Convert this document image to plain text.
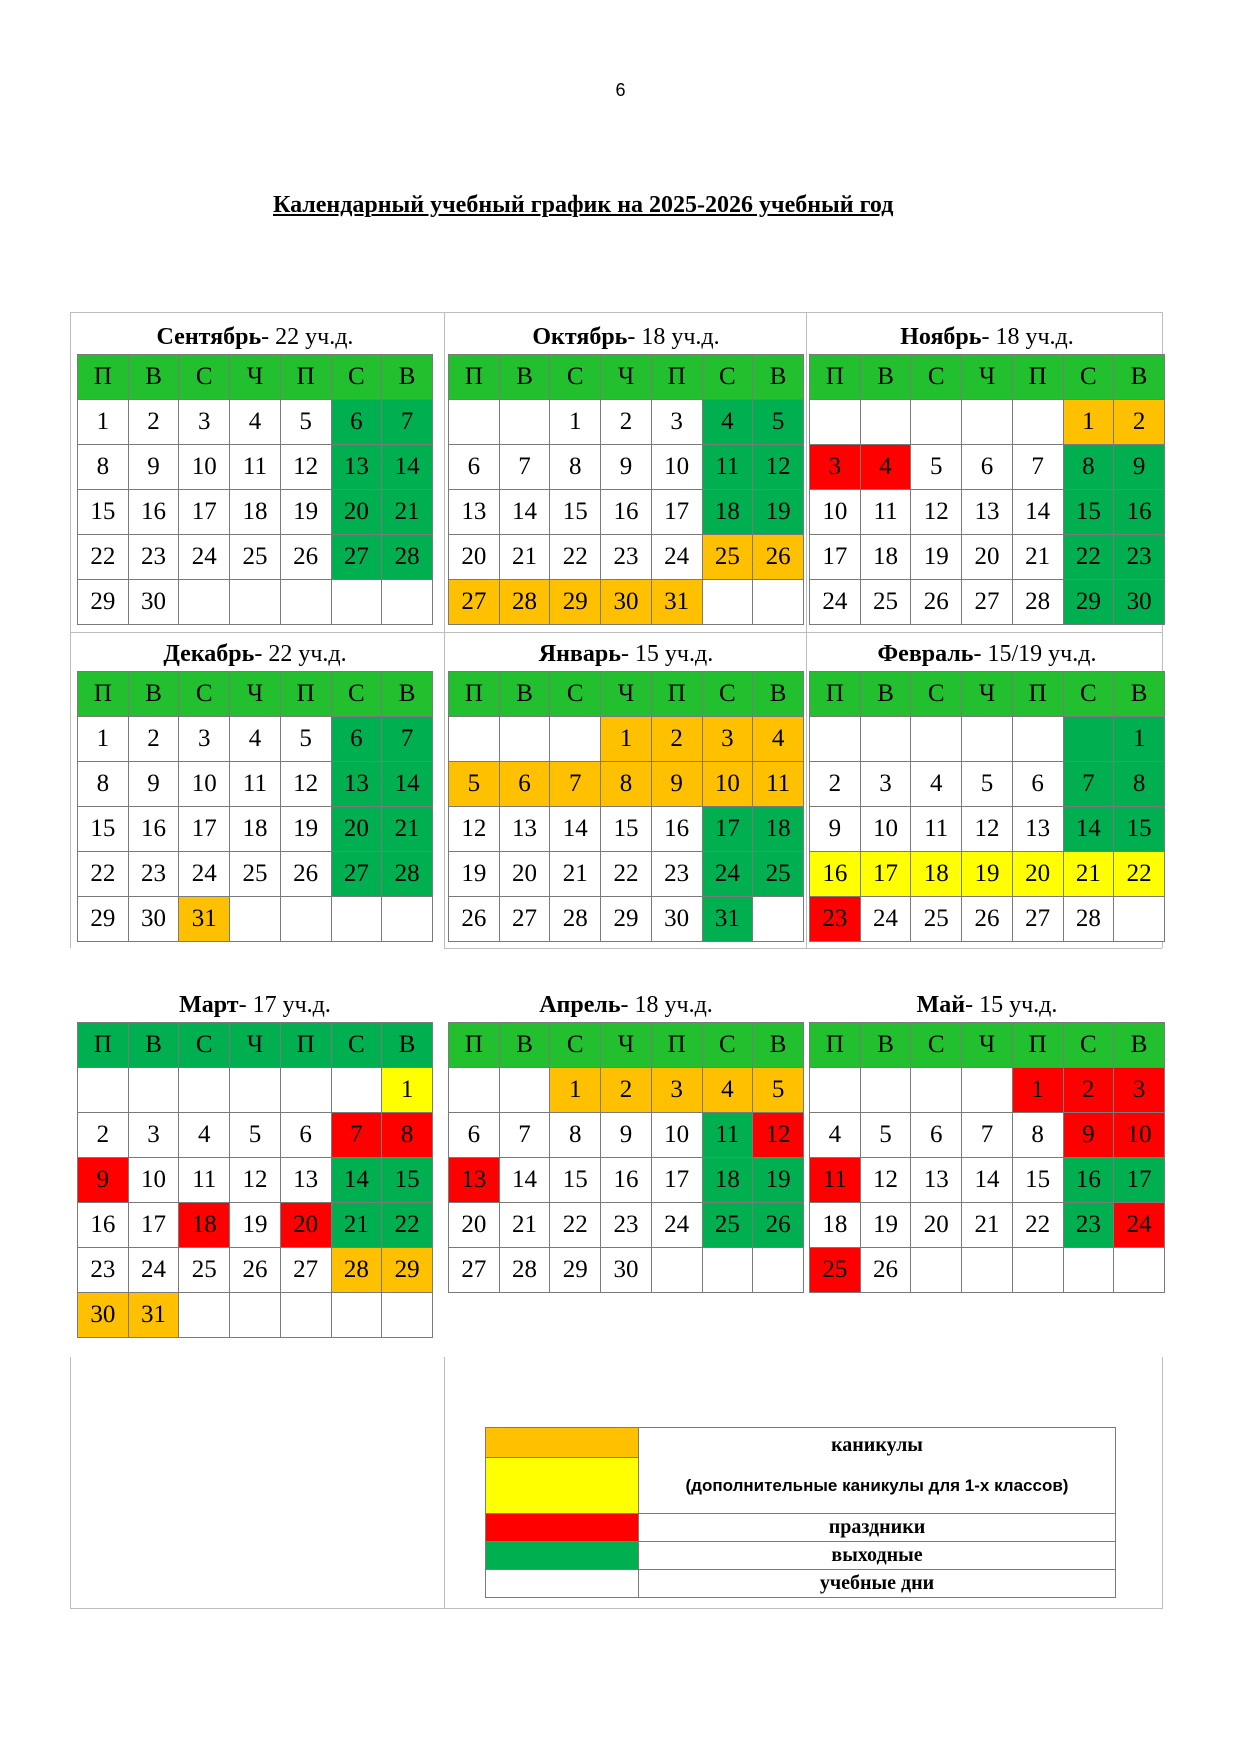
6
Календарный учебный график на 2025-2026 учебный год
Сентябрь- 22 уч.д.
П	В	С	Ч	П	С	В
1	2	3	4	5	6	7
8	9	10	11	12	13	14
15	16	17	18	19	20	21
22	23	24	25	26	27	28
29	30					
Октябрь- 18 уч.д.
П	В	С	Ч	П	С	В
		1	2	3	4	5
6	7	8	9	10	11	12
13	14	15	16	17	18	19
20	21	22	23	24	25	26
27	28	29	30	31		
Ноябрь- 18 уч.д.
П	В	С	Ч	П	С	В
					1	2
3	4	5	6	7	8	9
10	11	12	13	14	15	16
17	18	19	20	21	22	23
24	25	26	27	28	29	30
Декабрь- 22 уч.д.
П	В	С	Ч	П	С	В
1	2	3	4	5	6	7
8	9	10	11	12	13	14
15	16	17	18	19	20	21
22	23	24	25	26	27	28
29	30	31				
Январь- 15 уч.д.
П	В	С	Ч	П	С	В
			1	2	3	4
5	6	7	8	9	10	11
12	13	14	15	16	17	18
19	20	21	22	23	24	25
26	27	28	29	30	31	
Февраль- 15/19 уч.д.
П	В	С	Ч	П	С	В
						1
2	3	4	5	6	7	8
9	10	11	12	13	14	15
16	17	18	19	20	21	22
23	24	25	26	27	28	
Март- 17 уч.д.
П	В	С	Ч	П	С	В
						1
2	3	4	5	6	7	8
9	10	11	12	13	14	15
16	17	18	19	20	21	22
23	24	25	26	27	28	29
30	31					
Апрель- 18 уч.д.
П	В	С	Ч	П	С	В
		1	2	3	4	5
6	7	8	9	10	11	12
13	14	15	16	17	18	19
20	21	22	23	24	25	26
27	28	29	30			
Май- 15 уч.д.
П	В	С	Ч	П	С	В
				1	2	3
4	5	6	7	8	9	10
11	12	13	14	15	16	17
18	19	20	21	22	23	24
25	26					

	каникулы
(дополнительные каникулы для 1-х классов)

	праздники
	выходные
	учебные дни
